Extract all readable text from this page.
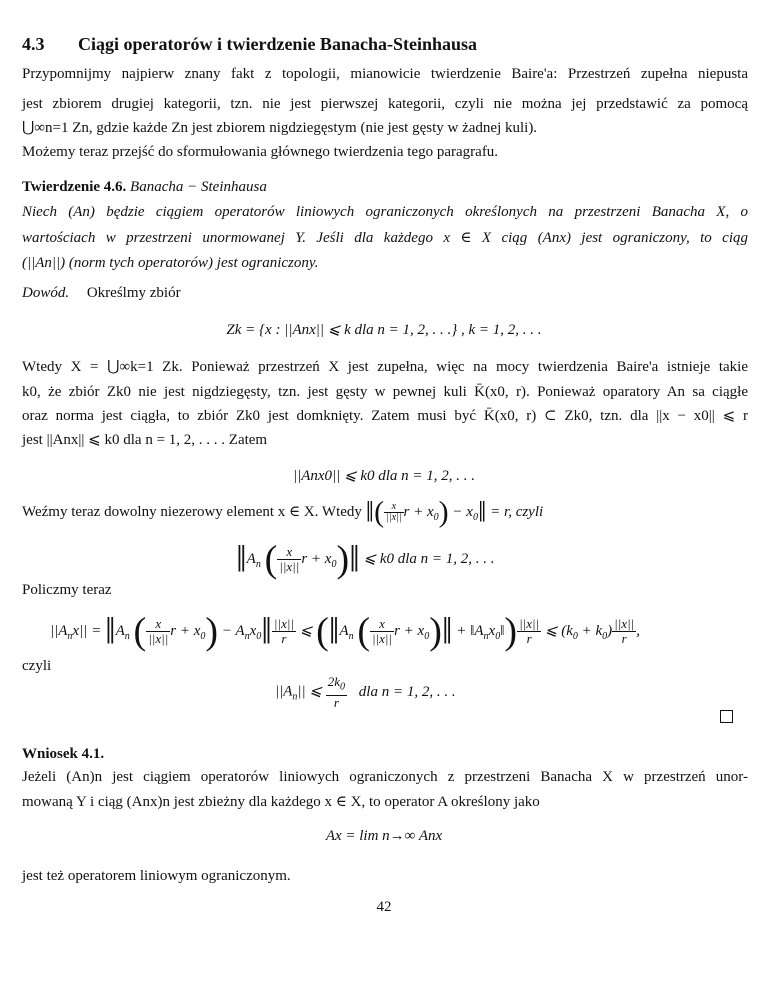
4.3 Ciągi operatorów i twierdzenie Banacha-Steinhausa
Przypomnijmy najpierw znany fakt z topologii, mianowicie twierdzenie Baire'a: Przestrzeń zupełna niepusta
jest zbiorem drugiej kategorii, tzn. nie jest pierwszej kategorii, czyli nie można jej przedstawić za pomocą
⋃∞n=1 Zn, gdzie każde Zn jest zbiorem nigdziegęstym (nie jest gęsty w żadnej kuli).
Możemy teraz przejść do sformułowania głównego twierdzenia tego paragrafu.
Twierdzenie 4.6. Banacha − Steinhausa
Niech (An) będzie ciągiem operatorów liniowych ograniczonych określonych na przestrzeni Banacha X, o
wartościach w przestrzeni unormowanej Y. Jeśli dla każdego x ∈ X ciąg (Anx) jest ograniczony, to ciąg
(||An||) (norm tych operatorów) jest ograniczony.
Dowód. Określmy zbiór
Zk = {x : ||Anx|| ⩽ k dla n = 1, 2, . . .} , k = 1, 2, . . .
Wtedy X = ⋃∞k=1 Zk. Ponieważ przestrzeń X jest zupełna, więc na mocy twierdzenia Baire'a istnieje takie
k0, że zbiór Zk0 nie jest nigdziegęsty, tzn. jest gęsty w pewnej kuli K̄(x0, r). Ponieważ oparatory An sa ciągłe
oraz norma jest ciągła, to zbiór Zk0 jest domknięty. Zatem musi być K̄(x0, r) ⊂ Zk0, tzn. dla ||x − x0|| ⩽ r
jest ||Anx|| ⩽ k0 dla n = 1, 2, . . . . Zatem
||Anx0|| ⩽ k0 dla n = 1, 2, . . .
Weźmy teraz dowolny niezerowy element x ∈ X. Wtedy ‖( $\frac{x}{||x||}$ $r + x_0$) − $x_0‖ = r$, czyli
$‖A_n$ ( $\frac{x}{||x||}$ $r + x_0)‖$ ⩽ k0 dla n = 1, 2, . . .
Policzmy teraz
$||A_nx||$ = $‖A_n$ ( $\frac{x}{||x||}$ $r + x_0$) − $A_nx_0‖ \frac{||x||}{r}$ ⩽ ($‖A_n$ ( $\frac{x}{||x||}$ $r + x_0)‖$ + $‖A_nx_0‖) \frac{||x||}{r}$ ⩽ $(k_0 + k_0) \frac{||x||}{r}$ ,
czyli
$||A_n||$ ⩽ $\frac{2k_0}{r}$ dla n = 1, 2, . . .
Wniosek 4.1.
Jeżeli (An)n jest ciągiem operatorów liniowych ograniczonych z przestrzeni Banacha X w przestrzeń unor-
mowaną Y i ciąg (Anx)n jest zbieżny dla każdego x ∈ X, to operator A określony jako
Ax = lim n→∞ Anx
jest też operatorem liniowym ograniczonym.
42
